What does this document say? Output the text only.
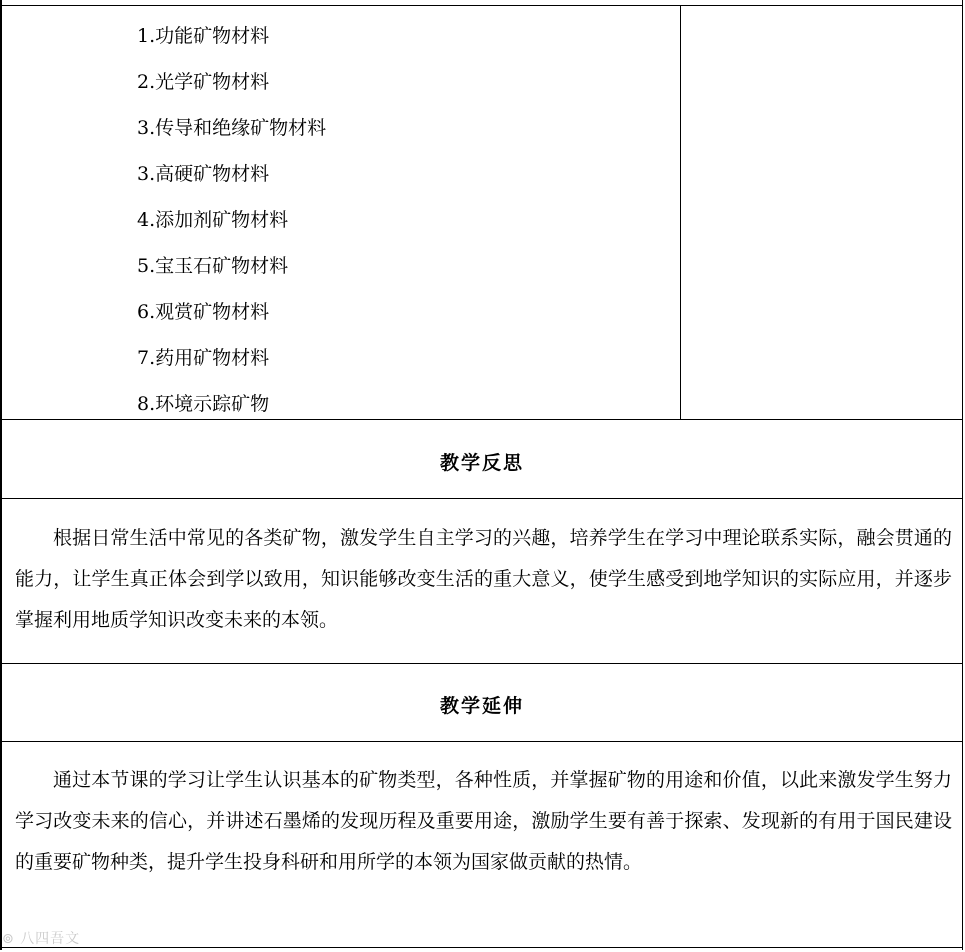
1.功能矿物材料
2.光学矿物材料
3.传导和绝缘矿物材料
3.高硬矿物材料
4.添加剂矿物材料
5.宝玉石矿物材料
6.观赏矿物材料
7.药用矿物材料
8.环境示踪矿物
教学反思

根据日常生活中常见的各类矿物，激发学生自主学习的兴趣，培养学生在学习中理论联系实际，融会贯通的能力，让学生真正体会到学以致用，知识能够改变生活的重大意义，使学生感受到地学知识的实际应用，并逐步掌握利用地质学知识改变未来的本领。

教学延伸

通过本节课的学习让学生认识基本的矿物类型，各种性质，并掌握矿物的用途和价值，以此来激发学生努力学习改变未来的信心，并讲述石墨烯的发现历程及重要用途，激励学生要有善于探索、发现新的有用于国民建设的重要矿物种类，提升学生投身科研和用所学的本领为国家做贡献的热情。

⊚ 八四吾文
